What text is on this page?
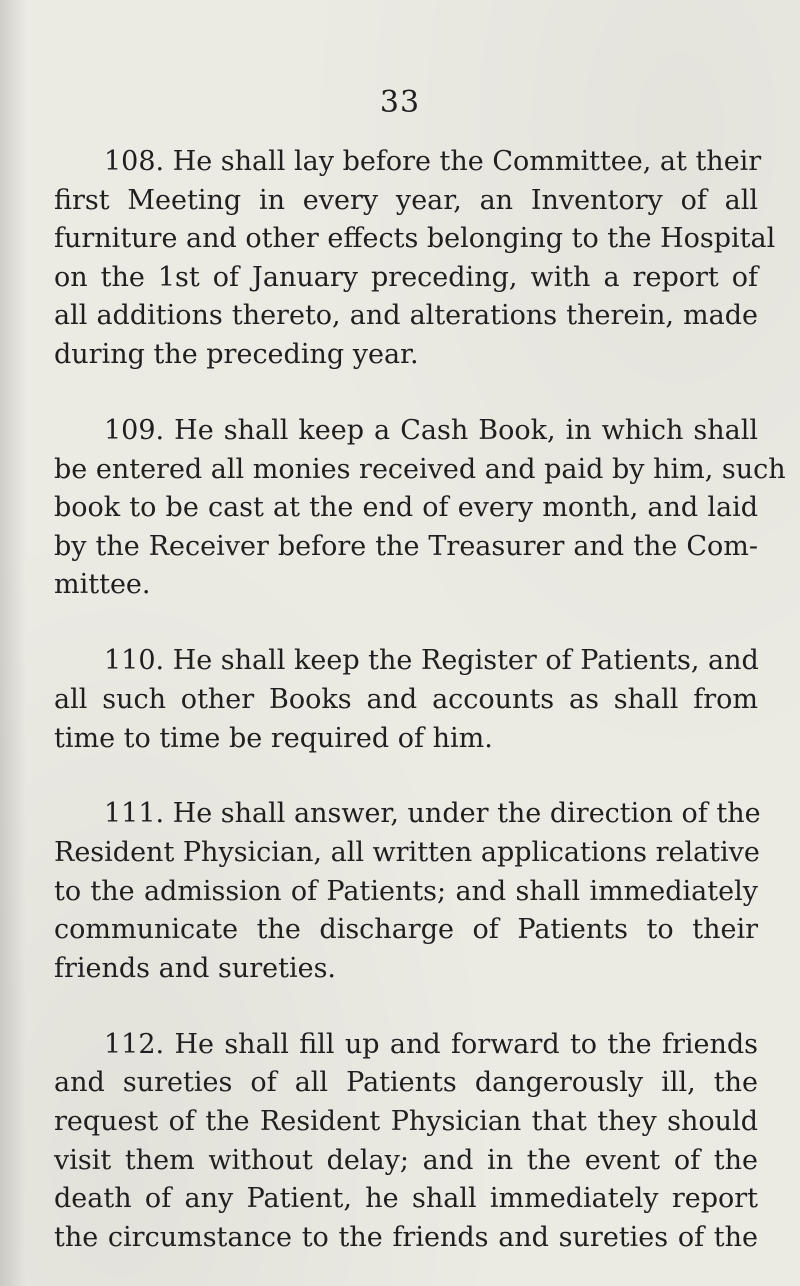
33
108. He shall lay before the Committee, at their
first Meeting in every year, an Inventory of all
furniture and other effects belonging to the Hospital
on the 1st of January preceding, with a report of
all additions thereto, and alterations therein, made
during the preceding year.
109. He shall keep a Cash Book, in which shall
be entered all monies received and paid by him, such
book to be cast at the end of every month, and laid
by the Receiver before the Treasurer and the Com-
mittee.
110. He shall keep the Register of Patients, and
all such other Books and accounts as shall from
time to time be required of him.
111. He shall answer, under the direction of the
Resident Physician, all written applications relative
to the admission of Patients; and shall immediately
communicate the discharge of Patients to their
friends and sureties.
112. He shall fill up and forward to the friends
and sureties of all Patients dangerously ill, the
request of the Resident Physician that they should
visit them without delay; and in the event of the
death of any Patient, he shall immediately report
the circumstance to the friends and sureties of the
